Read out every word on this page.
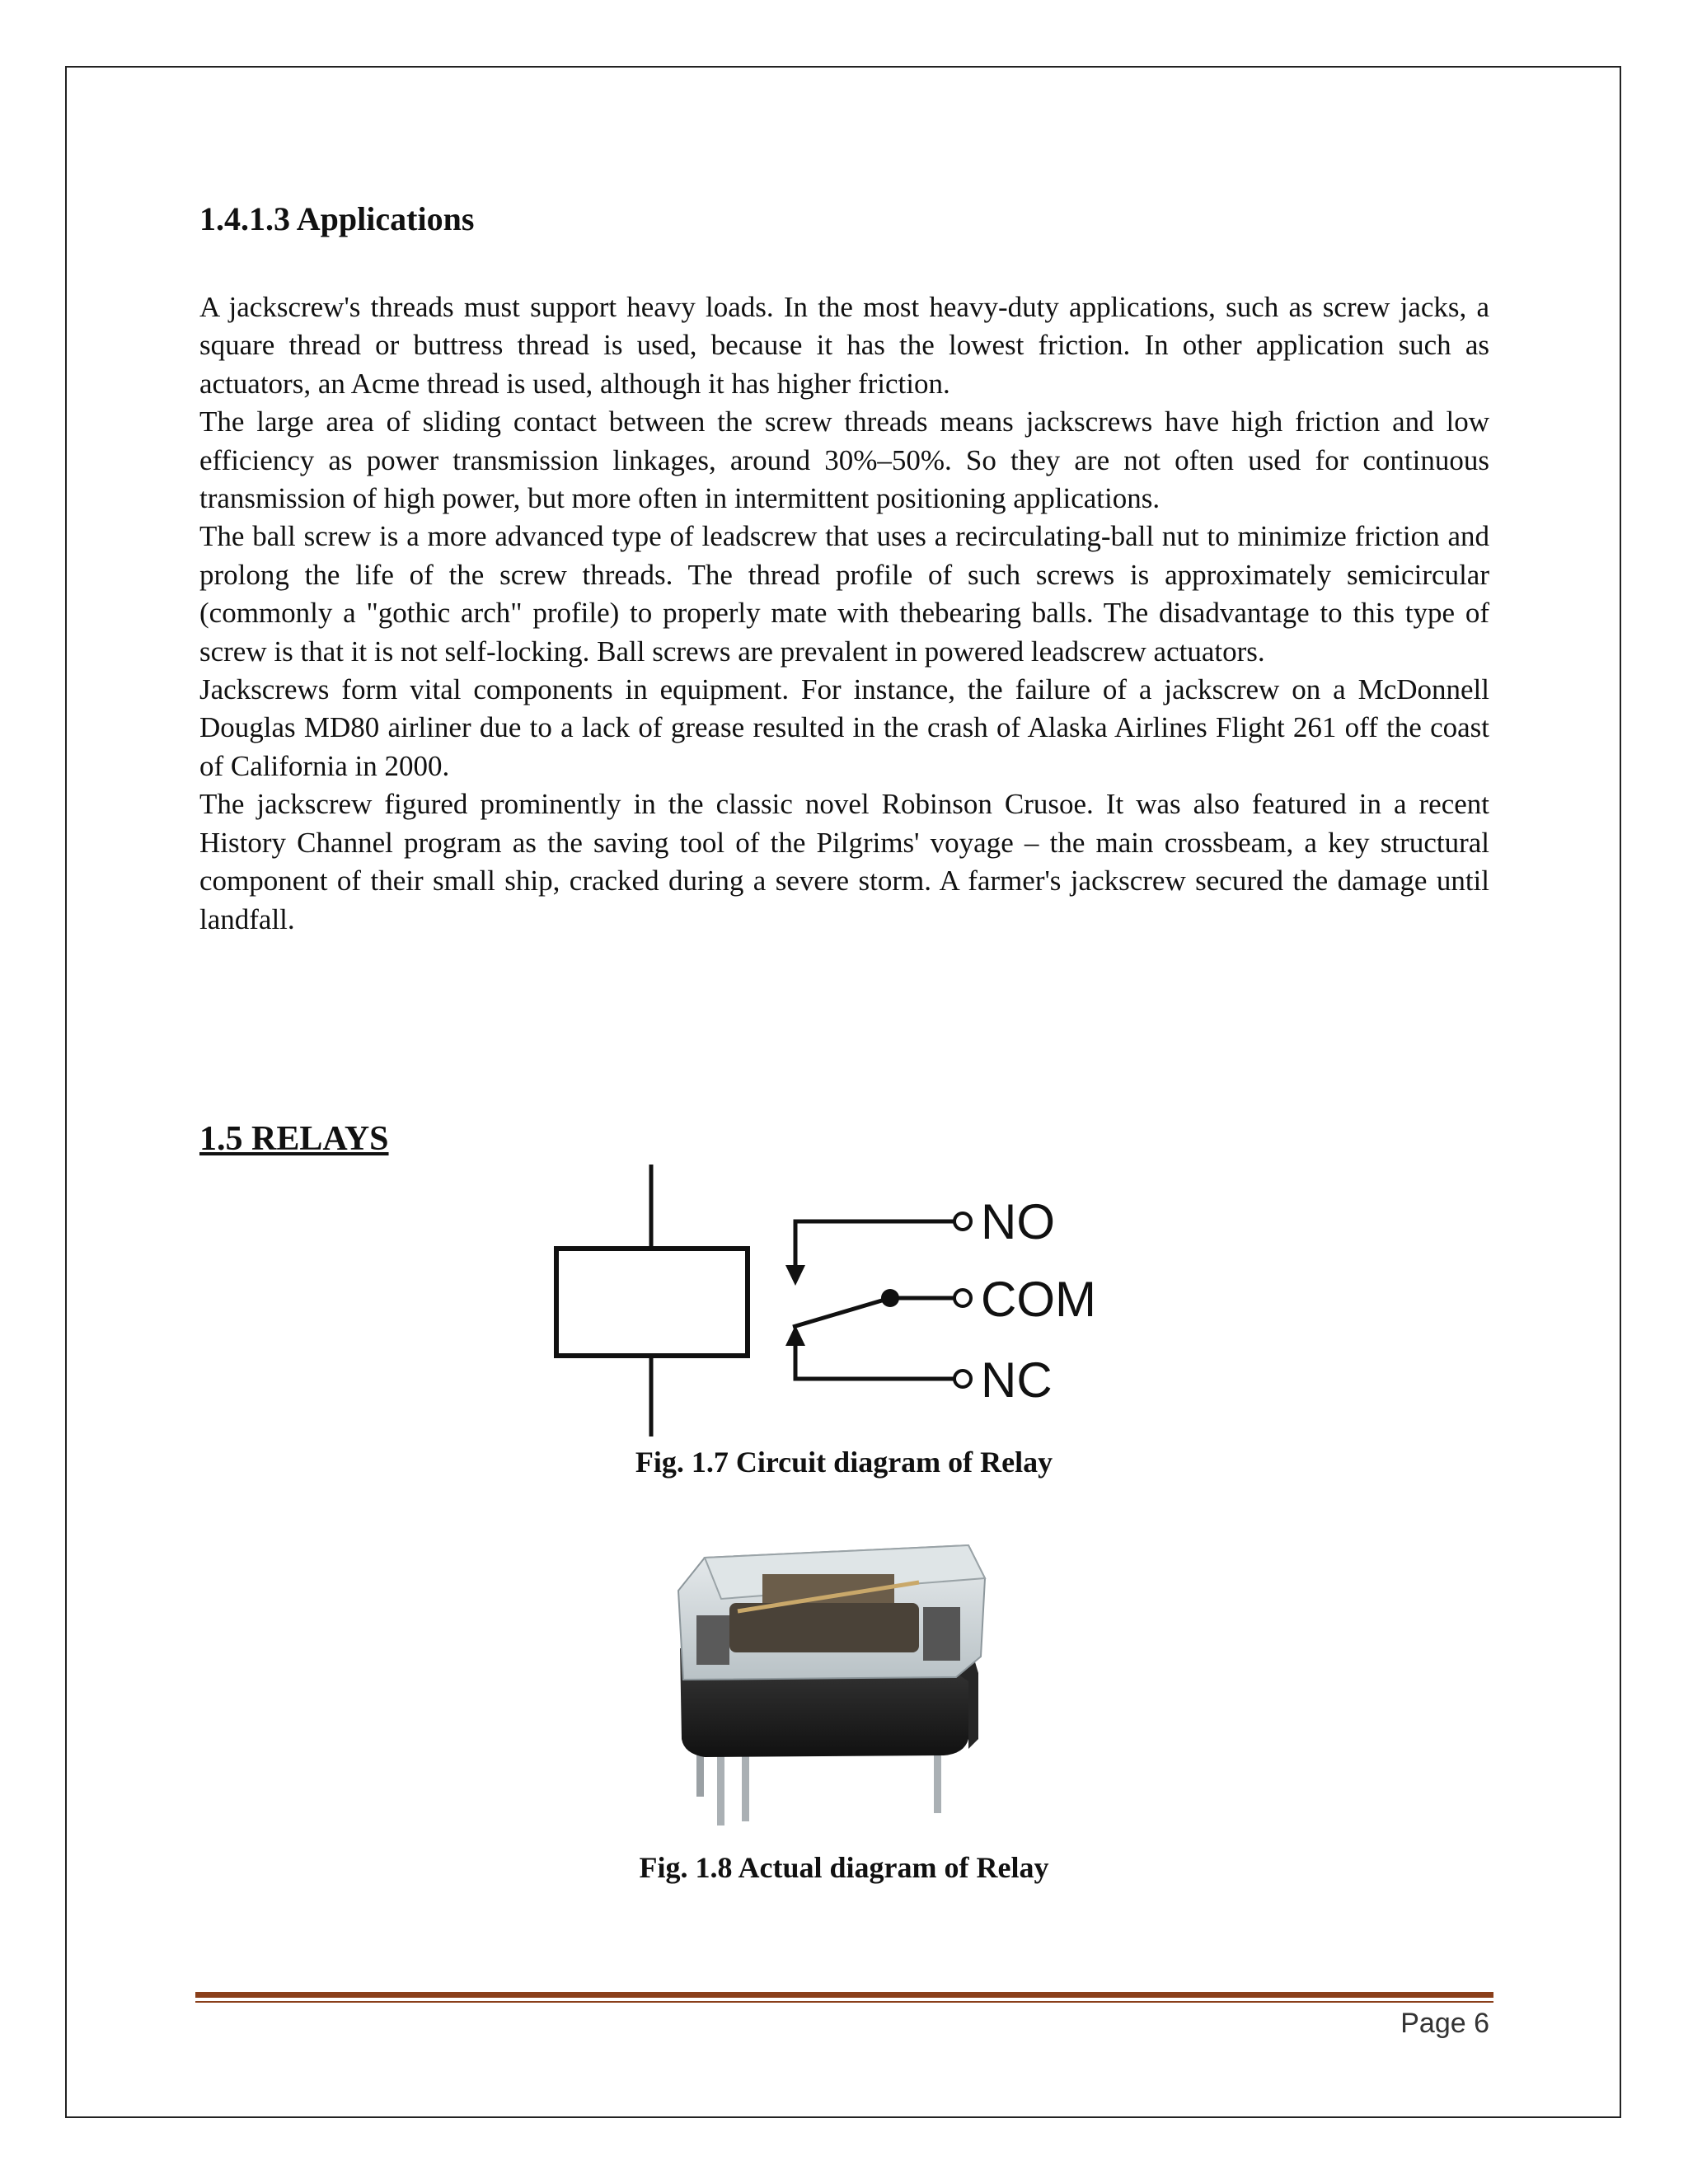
1.4.1.3 Applications

A jackscrew's threads must support heavy loads. In the most heavy-duty applications, such as screw jacks, a square thread or buttress thread is used, because it has the lowest friction. In other application such as actuators, an Acme thread is used, although it has higher friction.

The large area of sliding contact between the screw threads means jackscrews have high friction and low efficiency as power transmission linkages, around 30%–50%. So they are not often used for continuous transmission of high power, but more often in intermittent positioning applications.

The ball screw is a more advanced type of leadscrew that uses a recirculating-ball nut to minimize friction and prolong the life of the screw threads. The thread profile of such screws is approximately semicircular (commonly a "gothic arch" profile) to properly mate with thebearing balls. The disadvantage to this type of screw is that it is not self-locking. Ball screws are prevalent in powered leadscrew actuators.

Jackscrews form vital components in equipment. For instance, the failure of a jackscrew on a McDonnell Douglas MD80 airliner due to a lack of grease resulted in the crash of Alaska Airlines Flight 261 off the coast of California in 2000.

The jackscrew figured prominently in the classic novel Robinson Crusoe. It was also featured in a recent History Channel program as the saving tool of the Pilgrims' voyage – the main crossbeam, a key structural component of their small ship, cracked during a severe storm. A farmer's jackscrew secured the damage until landfall.

1.5 RELAYS
NO
COM
NC

Fig. 1.7 Circuit diagram of Relay

Fig. 1.8 Actual diagram of Relay

Page 6
